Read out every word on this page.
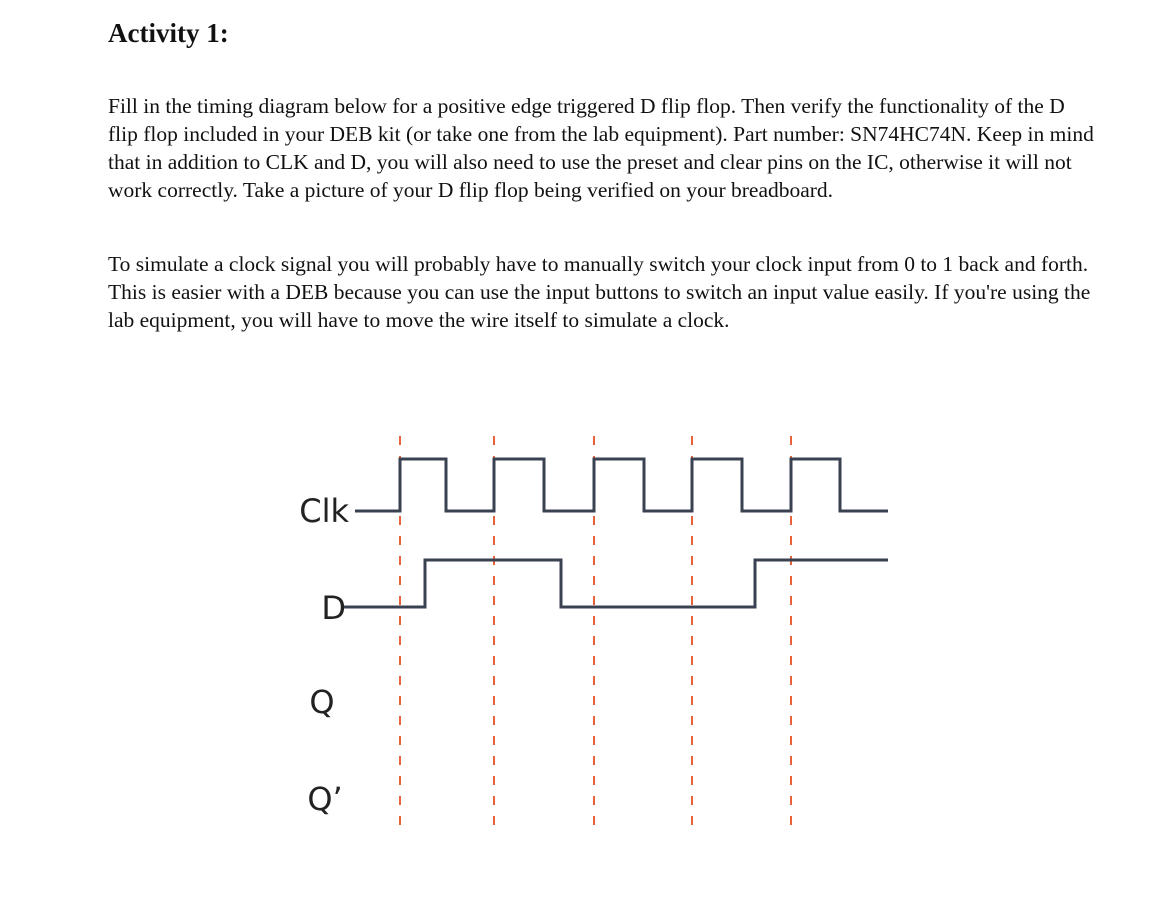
Activity 1:

Fill in the timing diagram below for a positive edge triggered D flip flop. Then verify the functionality of the D flip flop included in your DEB kit (or take one from the lab equipment). Part number: SN74HC74N. Keep in mind that in addition to CLK and D, you will also need to use the preset and clear pins on the IC, otherwise it will not work correctly. Take a picture of your D flip flop being verified on your breadboard.

To simulate a clock signal you will probably have to manually switch your clock input from 0 to 1 back and forth. This is easier with a DEB because you can use the input buttons to switch an input value easily. If you're using the lab equipment, you will have to move the wire itself to simulate a clock.

Clk
D
Q
Q’
